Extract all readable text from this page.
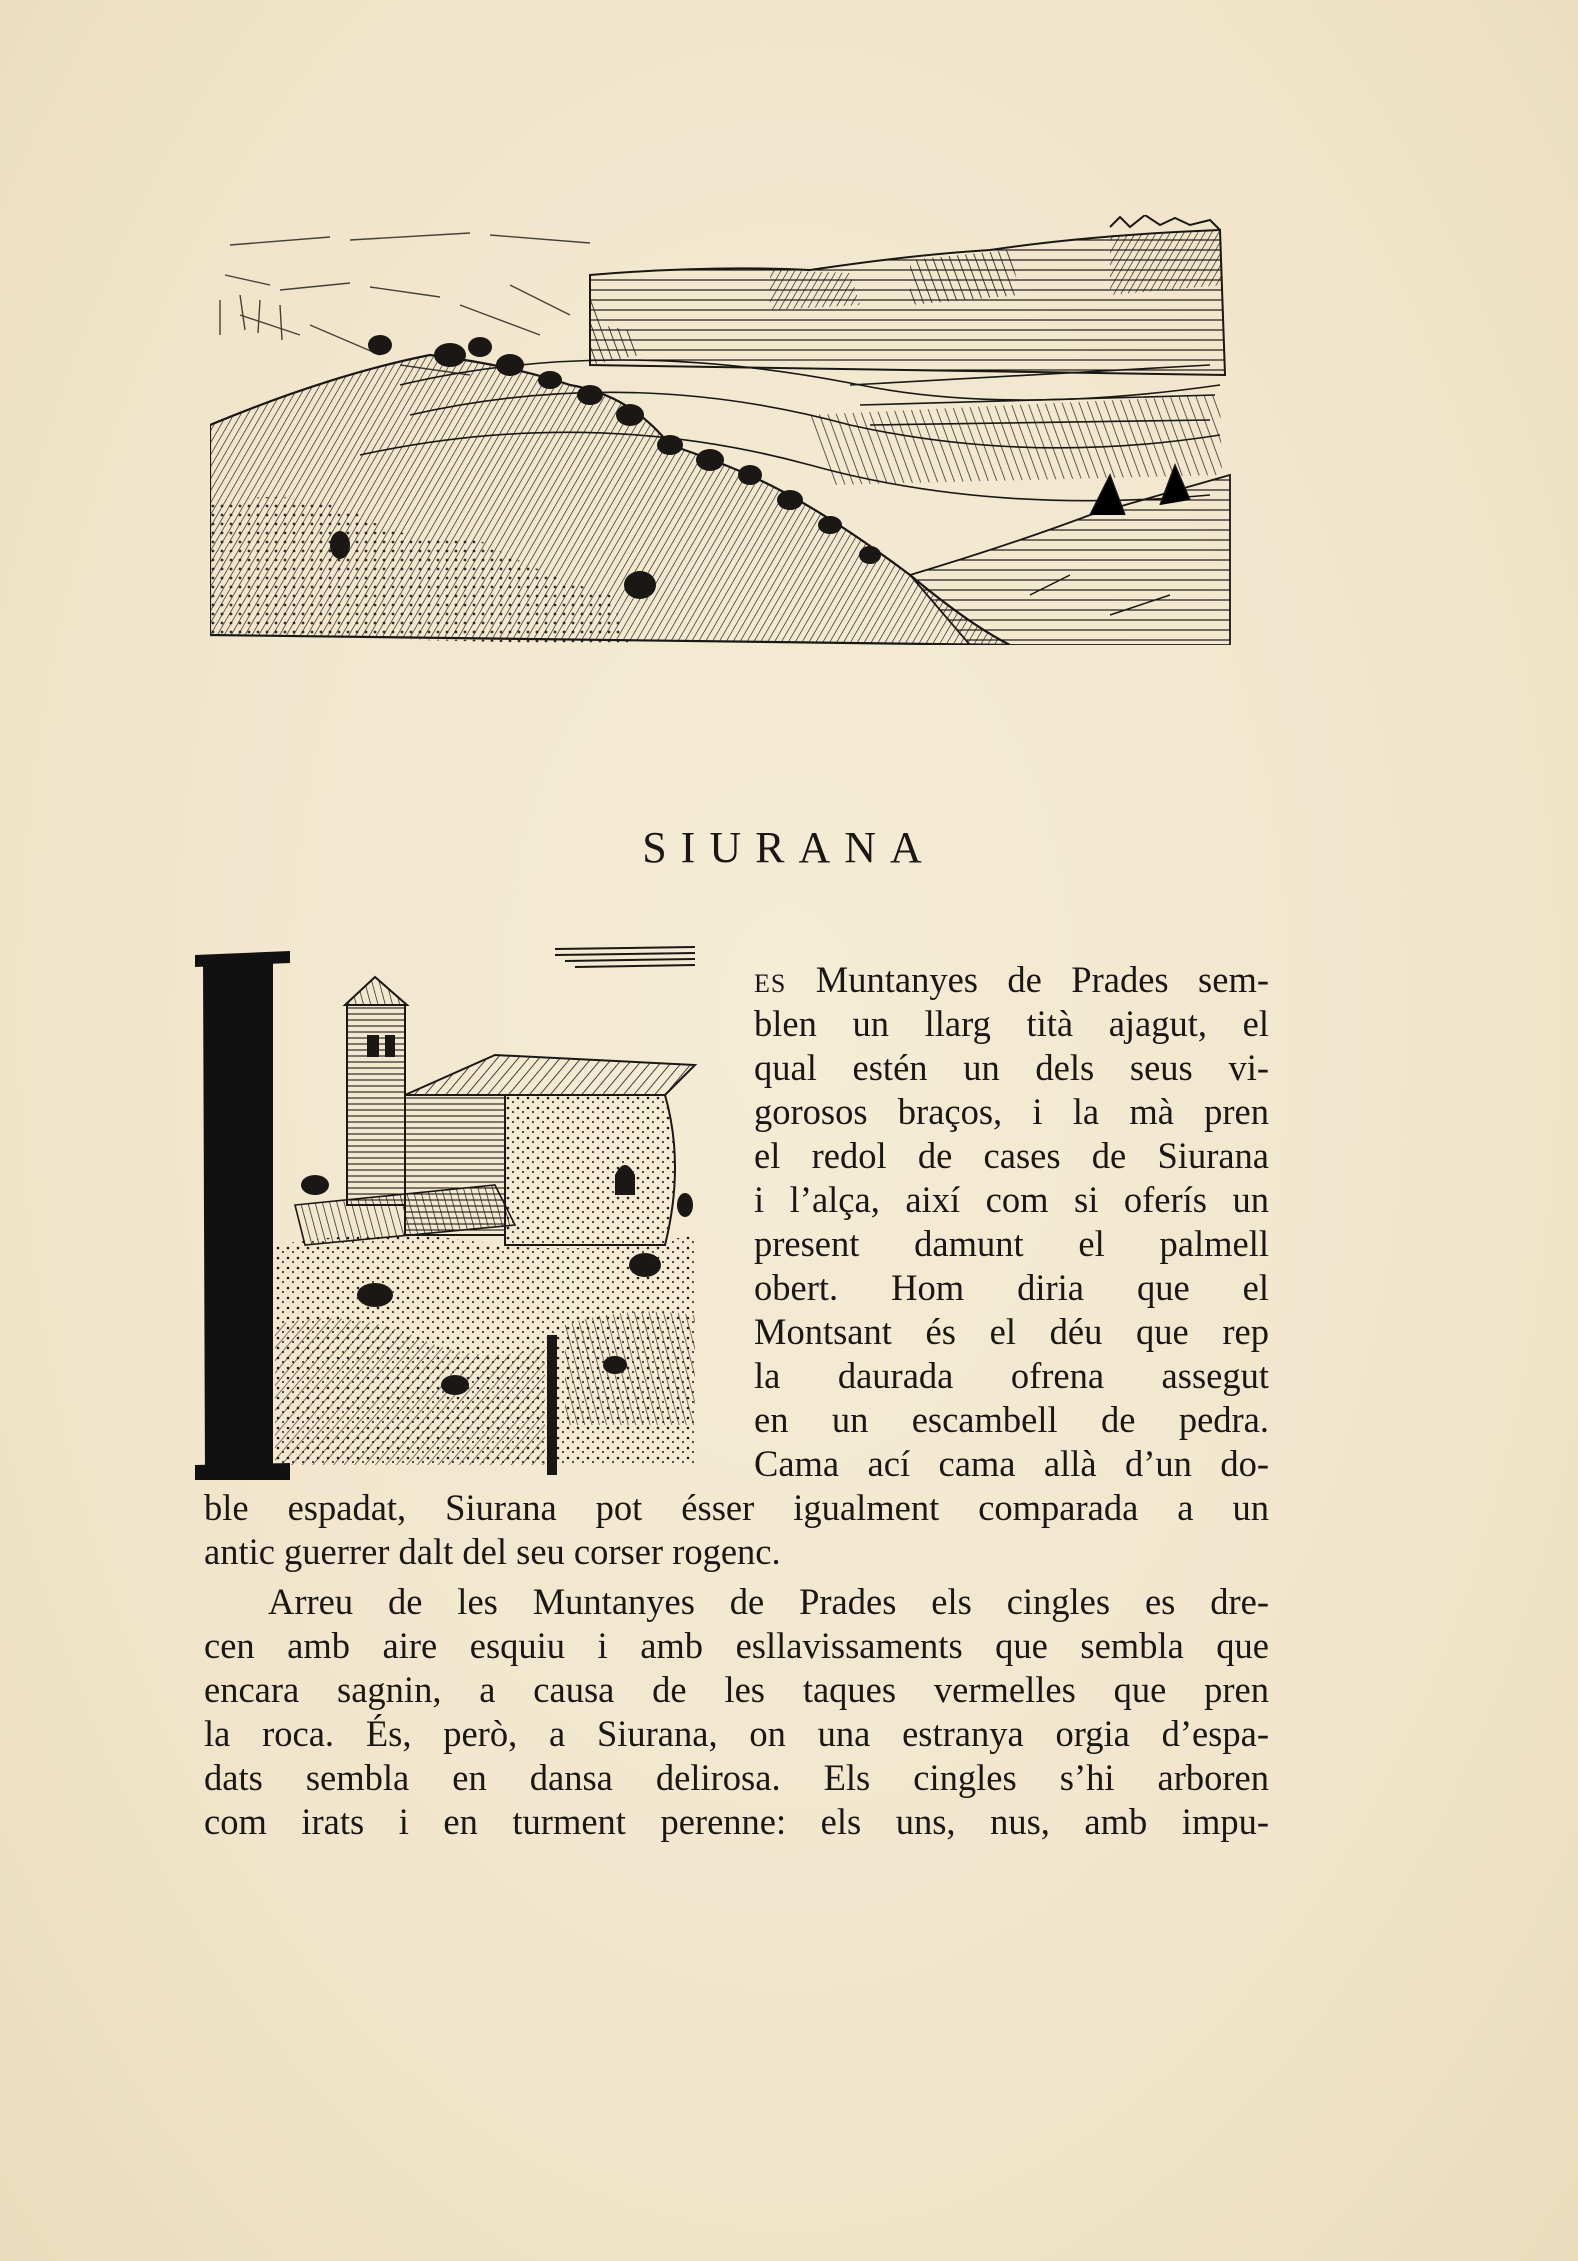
SIURANA

ES Muntanyes de Prades sem-

blen un llarg tità ajagut, el

qual estén un dels seus vi-

gorosos braços, i la mà pren

el redol de cases de Siurana

i l’alça, així com si oferís un

present damunt el palmell

obert. Hom diria que el

Montsant és el déu que rep

la daurada ofrena assegut

en un escambell de pedra.

Cama ací cama allà d’un do-

ble espadat, Siurana pot ésser igualment comparada a un

antic guerrer dalt del seu corser rogenc.

Arreu de les Muntanyes de Prades els cingles es dre-

cen amb aire esquiu i amb esllavissaments que sembla que

encara sagnin, a causa de les taques vermelles que pren

la roca. És, però, a Siurana, on una estranya orgia d’espa-

dats sembla en dansa delirosa. Els cingles s’hi arboren

com irats i en turment perenne: els uns, nus, amb impu-
